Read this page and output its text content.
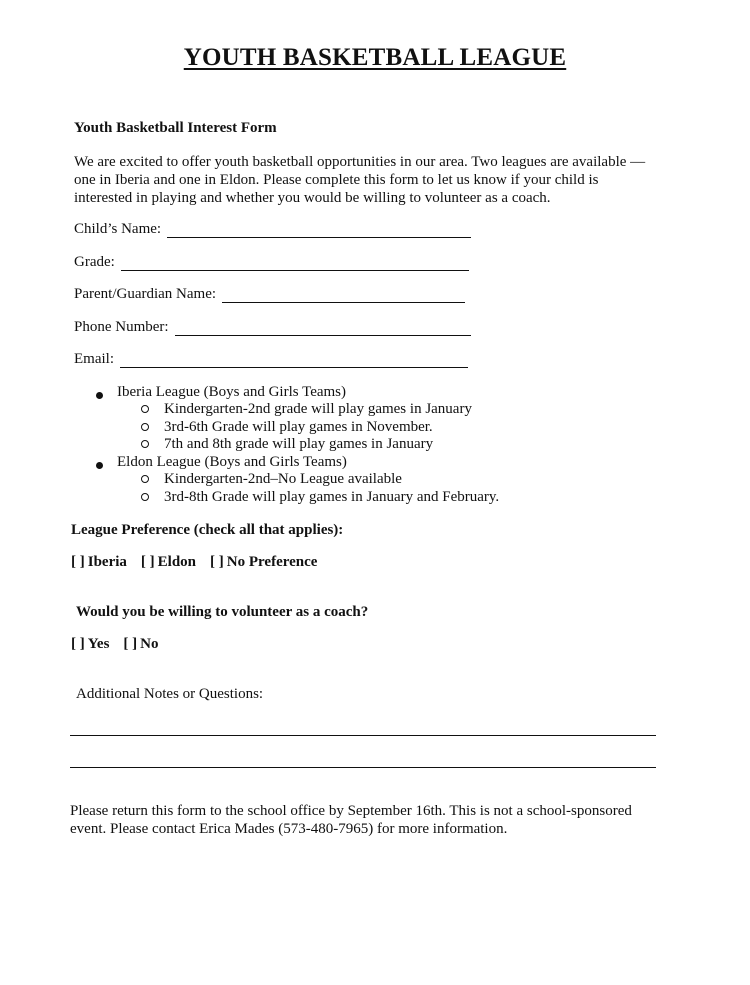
YOUTH BASKETBALL LEAGUE
Youth Basketball Interest Form
We are excited to offer youth basketball opportunities in our area. Two leagues are available —
one in Iberia and one in Eldon. Please complete this form to let us know if your child is
interested in playing and whether you would be willing to volunteer as a coach.
Child’s Name:
Grade:
Parent/Guardian Name:
Phone Number:
Email:
Iberia League (Boys and Girls Teams)
Kindergarten-2nd grade will play games in January
3rd-6th Grade will play games in November.
7th and 8th grade will play games in January
Eldon League (Boys and Girls Teams)
Kindergarten-2nd–No League available
3rd-8th Grade will play games in January and February.
League Preference (check all that applies):
[ ] Iberia [ ] Eldon [ ] No Preference
Would you be willing to volunteer as a coach?
[ ] Yes [ ] No
Additional Notes or Questions:
Please return this form to the school office by September 16th. This is not a school-sponsored
event. Please contact Erica Mades (573-480-7965) for more information.
